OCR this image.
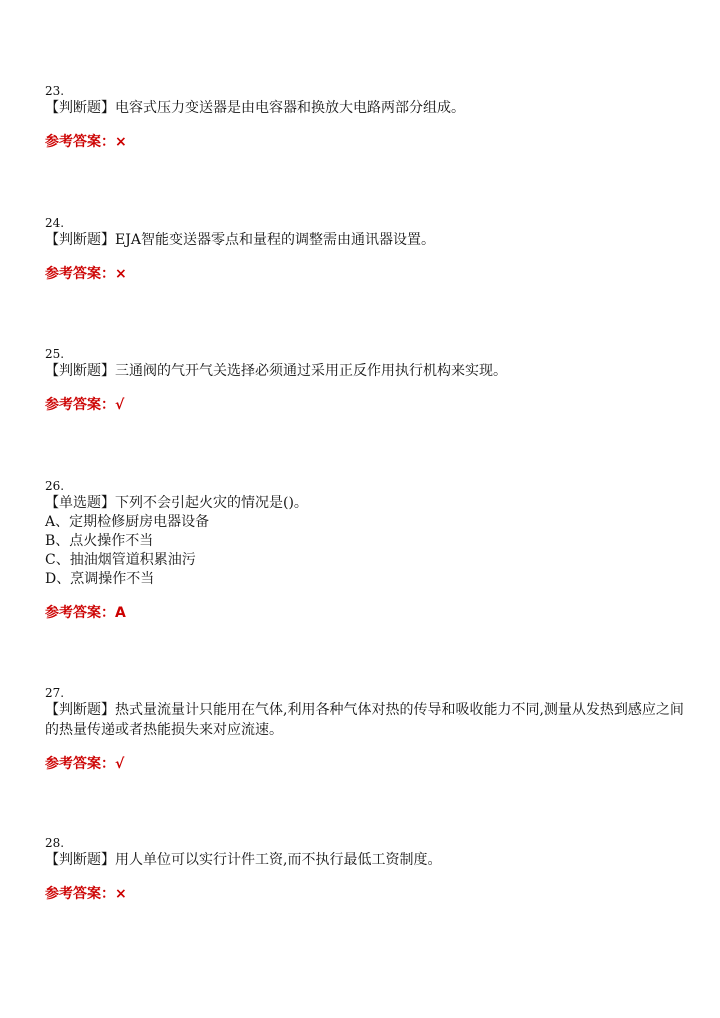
23.

【判断题】电容式压力变送器是由电容器和换放大电路两部分组成。

参考答案：×

24.

【判断题】EJA智能变送器零点和量程的调整需由通讯器设置。

参考答案：×

25.

【判断题】三通阀的气开气关选择必须通过采用正反作用执行机构来实现。

参考答案：√

26.

【单选题】下列不会引起火灾的情况是()。

A、定期检修厨房电器设备

B、点火操作不当

C、抽油烟管道积累油污

D、烹调操作不当

参考答案：A

27.

【判断题】热式量流量计只能用在气体,利用各种气体对热的传导和吸收能力不同,测量从发热到感应之间的热量传递或者热能损失来对应流速。

参考答案：√

28.

【判断题】用人单位可以实行计件工资,而不执行最低工资制度。

参考答案：×
